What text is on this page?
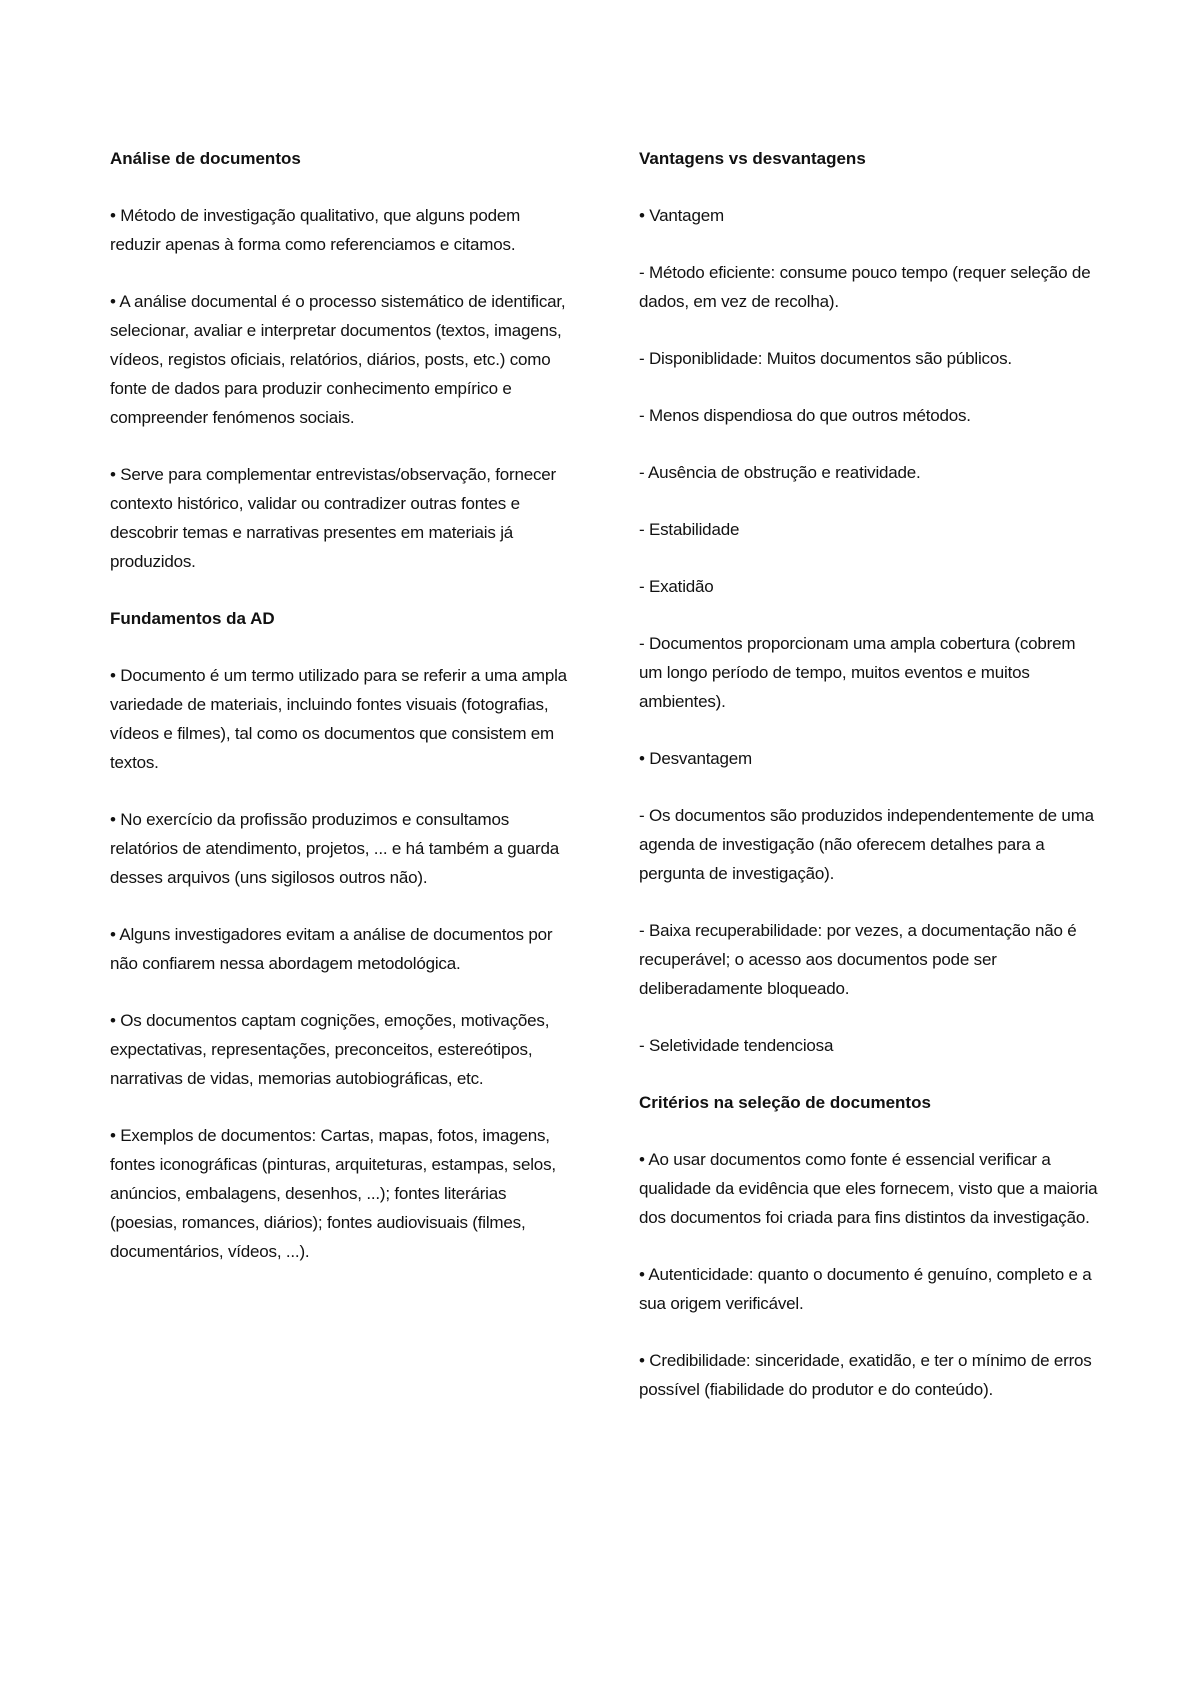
Análise de documentos

• Método de investigação qualitativo, que alguns podem reduzir apenas à forma como referenciamos e citamos.

• A análise documental é o processo sistemático de identificar, selecionar, avaliar e interpretar documentos (textos, imagens, vídeos, registos oficiais, relatórios, diários, posts, etc.) como fonte de dados para produzir conhecimento empírico e compreender fenómenos sociais.

• Serve para complementar entrevistas/observação, fornecer contexto histórico, validar ou contradizer outras fontes e descobrir temas e narrativas presentes em materiais já produzidos.

Fundamentos da AD

• Documento é um termo utilizado para se referir a uma ampla variedade de materiais, incluindo fontes visuais (fotografias, vídeos e filmes), tal como os documentos que consistem em textos.

• No exercício da profissão produzimos e consultamos relatórios de atendimento, projetos, ... e há também a guarda desses arquivos (uns sigilosos outros não).

• Alguns investigadores evitam a análise de documentos por não confiarem nessa abordagem metodológica.

• Os documentos captam cognições, emoções, motivações, expectativas, representações, preconceitos, estereótipos, narrativas de vidas, memorias autobiográficas, etc.

• Exemplos de documentos: Cartas, mapas, fotos, imagens, fontes iconográficas (pinturas, arquiteturas, estampas, selos, anúncios, embalagens, desenhos, ...); fontes literárias (poesias, romances, diários); fontes audiovisuais (filmes, documentários, vídeos, ...).

Vantagens vs desvantagens

• Vantagem

- Método eficiente: consume pouco tempo (requer seleção de dados, em vez de recolha).

- Disponiblidade: Muitos documentos são públicos.

- Menos dispendiosa do que outros métodos.

- Ausência de obstrução e reatividade.

- Estabilidade

- Exatidão

- Documentos proporcionam uma ampla cobertura (cobrem um longo período de tempo, muitos eventos e muitos ambientes).

• Desvantagem

- Os documentos são produzidos independentemente de uma agenda de investigação (não oferecem detalhes para a pergunta de investigação).

- Baixa recuperabilidade: por vezes, a documentação não é recuperável; o acesso aos documentos pode ser deliberadamente bloqueado.

- Seletividade tendenciosa

Critérios na seleção de documentos

• Ao usar documentos como fonte é essencial verificar a qualidade da evidência que eles fornecem, visto que a maioria dos documentos foi criada para fins distintos da investigação.

• Autenticidade: quanto o documento é genuíno, completo e a sua origem verificável.

• Credibilidade: sinceridade, exatidão, e ter o mínimo de erros possível (fiabilidade do produtor e do conteúdo).
